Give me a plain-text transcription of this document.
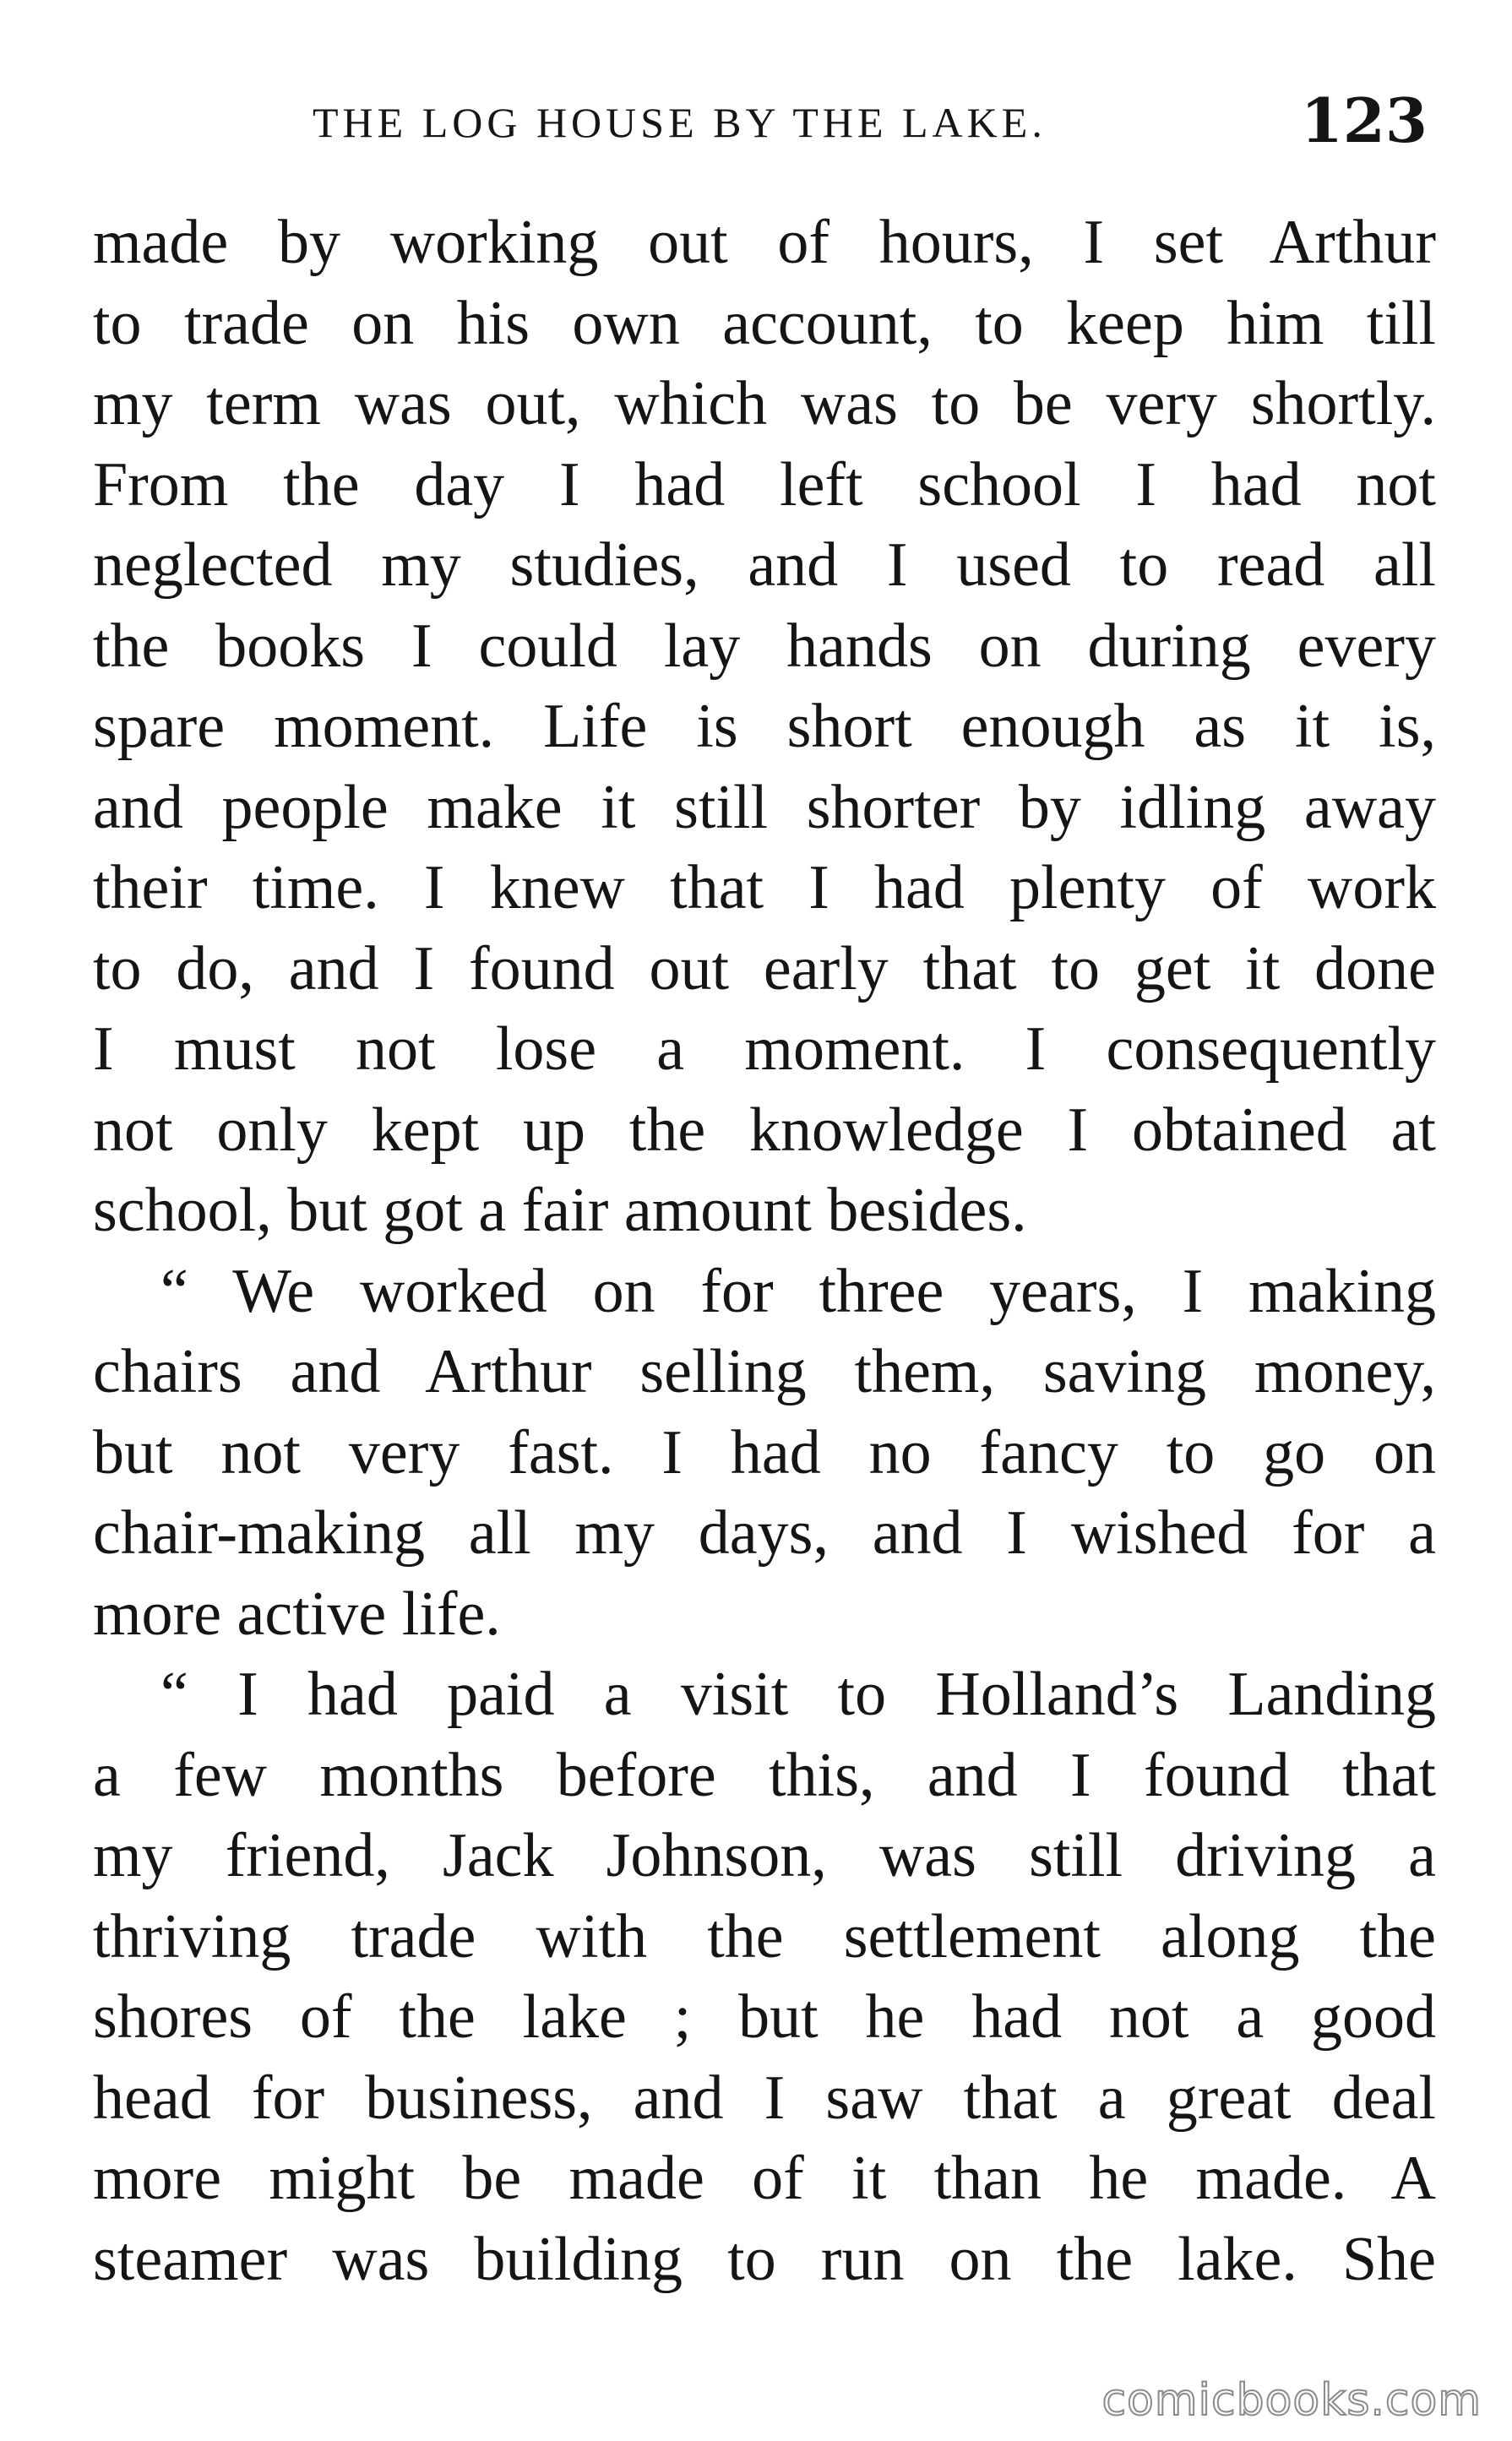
THE LOG HOUSE BY THE LAKE.	123
made by working out of hours, I set Arthur
to trade on his own account, to keep him till
my term was out, which was to be very shortly.
From the day I had left school I had not
neglected my studies, and I used to read all
the books I could lay hands on during every
spare moment. Life is short enough as it is,
and people make it still shorter by idling away
their time. I knew that I had plenty of work
to do, and I found out early that to get it done
I must not lose a moment. I consequently
not only kept up the knowledge I obtained at
school, but got a fair amount besides.
“ We worked on for three years, I making
chairs and Arthur selling them, saving money,
but not very fast. I had no fancy to go on
chair-making all my days, and I wished for a
more active life.
“ I had paid a visit to Holland’s Landing
a few months before this, and I found that
my friend, Jack Johnson, was still driving a
thriving trade with the settlement along the
shores of the lake ; but he had not a good
head for business, and I saw that a great deal
more might be made of it than he made. A
steamer was building to run on the lake. She
comicbooks.com
